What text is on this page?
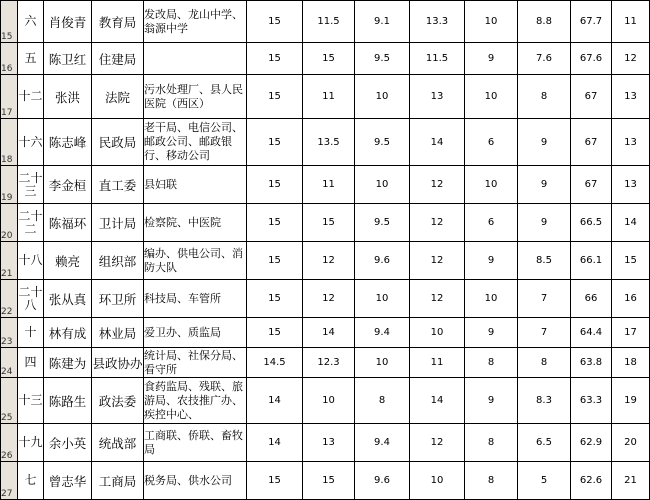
15	六	肖俊青	教育局	发改局、龙山中学、翁源中学	15	11.5	9.1	13.3	10	8.8	67.7	11
16	五	陈卫红	住建局		15	15	9.5	11.5	9	7.6	67.6	12
17	十二	张洪	法院	污水处理厂、县人民医院（西区）	15	11	10	13	10	8	67	13
18	十六	陈志峰	民政局	老干局、电信公司、邮政公司、邮政银行、移动公司	15	13.5	9.5	14	6	9	67	13
19	二十三	李金桓	直工委	县妇联	15	11	10	12	10	9	67	13
20	二十二	陈福环	卫计局	检察院、中医院	15	15	9.5	12	6	9	66.5	14
21	十八	赖亮	组织部	编办、供电公司、消防大队	15	12	9.6	12	9	8.5	66.1	15
22	二十八	张从真	环卫所	科技局、车管所	15	12	10	12	10	7	66	16
23	十	林有成	林业局	爱卫办、质监局	15	14	9.4	10	9	7	64.4	17
24	四	陈建为	县政协办	统计局、社保分局、看守所	14.5	12.3	10	11	8	8	63.8	18
25	十三	陈路生	政法委	食药监局、残联、旅游局、农技推广办、疾控中心、	14	10	8	14	9	8.3	63.3	19
26	十九	余小英	统战部	工商联、侨联、畜牧局	14	13	9.4	12	8	6.5	62.9	20
27	七	曾志华	工商局	税务局、供水公司	15	15	9.6	10	8	5	62.6	21
